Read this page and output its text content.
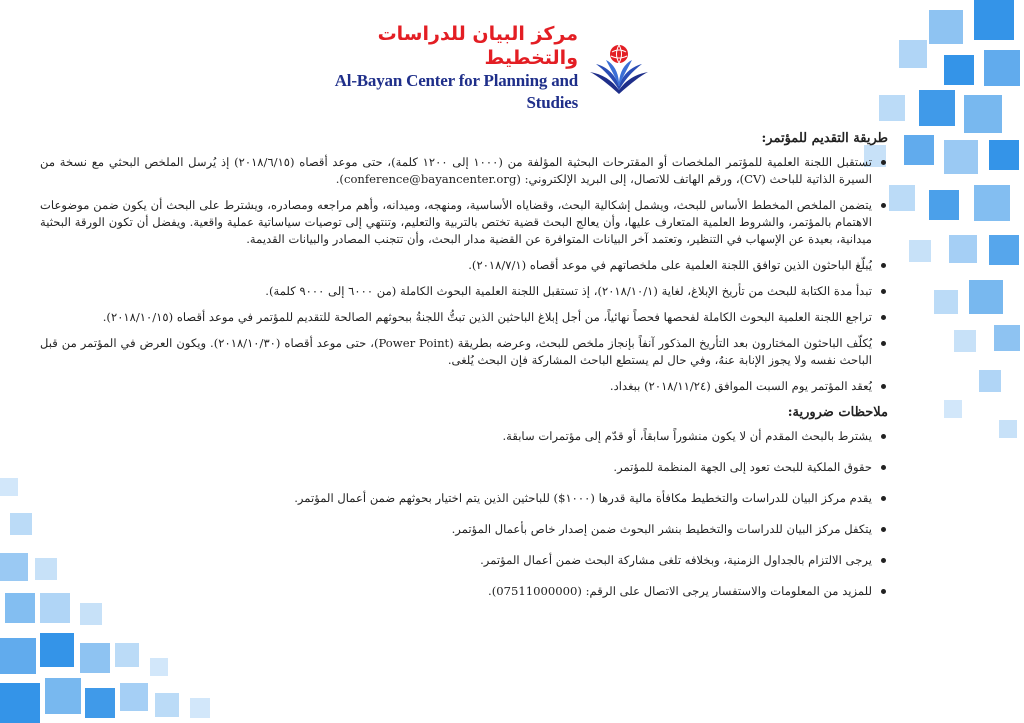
مركز البيان للدراسات والتخطيط
Al-Bayan Center for Planning and Studies
طريقة التقديم للمؤتمر:
تستقبل اللجنة العلمية للمؤتمر الملخصات أو المقترحات البحثية المؤلفة من (١٠٠٠ إلى ١٢٠٠ كلمة)، حتى موعد أقصاه (٢٠١٨/٦/١٥) إذ يُرسل الملخص البحثي مع نسخة من السيرة الذاتية للباحث (CV)، ورقم الهاتف للاتصال، إلى البريد الإلكتروني: (conference@bayancenter.org).
يتضمن الملخص المخطط الأساس للبحث، ويشمل إشكالية البحث، وقضاياه الأساسية، ومنهجه، وميدانه، وأهم مراجعه ومصادره، ويشترط على البحث أن يكون ضمن موضوعات الاهتمام بالمؤتمر، والشروط العلمية المتعارف عليها، وأن يعالج البحث قضية تختص بالتربية والتعليم، وتنتهي إلى توصيات سياساتية عملية واقعية. ويفضل أن تكون الورقة البحثية ميدانية، بعيدة عن الإسهاب في التنظير، وتعتمد آخر البيانات المتوافرة عن القضية مدار البحث، وأن تتجنب المصادر والبيانات القديمة.
يُبلّغ الباحثون الذين توافق اللجنة العلمية على ملخصاتهم في موعد أقصاه (٢٠١٨/٧/١).
تبدأ مدة الكتابة للبحث من تأريخ الإبلاغ، لغاية (٢٠١٨/١٠/١)، إذ تستقبل اللجنة العلمية البحوث الكاملة (من ٦٠٠٠ إلى ٩٠٠٠ كلمة).
تراجع اللجنة العلمية البحوث الكاملة لفحصها فحصاً نهائياً، من أجل إبلاغ الباحثين الذين تبتُّ اللجنةُ ببحوثهم الصالحة للتقديم للمؤتمر في موعد أقصاه (٢٠١٨/١٠/١٥).
يُكلّف الباحثون المختارون بعد التأريخ المذكور آنفاً بإنجاز ملخص للبحث، وعرضه بطريقة (Power Point)، حتى موعد أقصاه (٢٠١٨/١٠/٣٠). ويكون العرض في المؤتمر من قبل الباحث نفسه ولا يجوز الإنابة عنهُ، وفي حال لم يستطع الباحث المشاركة فإن البحث يُلغى.
يُعقد المؤتمر يوم السبت الموافق (٢٠١٨/١١/٢٤) ببغداد.
ملاحظات ضرورية:
يشترط بالبحث المقدم أن لا يكون منشوراً سابقاً، أو قدّم إلى مؤتمرات سابقة.
حقوق الملكية للبحث تعود إلى الجهة المنظمة للمؤتمر.
يقدم مركز البيان للدراسات والتخطيط مكافأة مالية قدرها (١٠٠٠$) للباحثين الذين يتم اختيار بحوثهم ضمن أعمال المؤتمر.
يتكفل مركز البيان للدراسات والتخطيط بنشر البحوث ضمن إصدار خاص بأعمال المؤتمر.
يرجى الالتزام بالجداول الزمنية، وبخلافه تلغى مشاركة البحث ضمن أعمال المؤتمر.
للمزيد من المعلومات والاستفسار يرجى الاتصال على الرقم: (07511000000).
